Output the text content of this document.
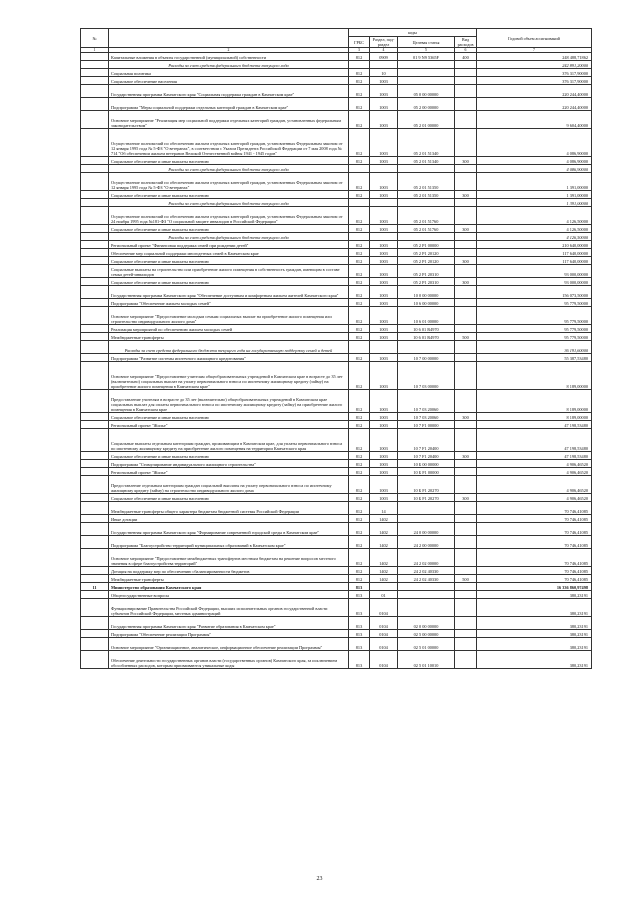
№		коды				Годовой объем ассигнований
		ГРБС	Раздел, под-раздел	Целевая статья	Вид расходов	
1	2	3	4	5	6	7
	Капитальные вложения в объекты государственной (муниципальной) собственности	812	0909	01 9 N9 5365F	400	248 488,71862
	Расходы за счет средств федерального бюджета текущего года					242 891,20000
	Социальная политика	812	10			376 317,90000
	Социальное обеспечение населения	812	1003			376 317,90000
	Государственная программа Камчатского края "Социальная поддержка граждан в Камчатском крае"	812	1003	05 0 00 00000		220 244,40000
	Подпрограмма "Меры социальной поддержки отдельных категорий граждан в Камчатском крае"	812	1003	05 2 00 00000		220 244,40000
	Основное мероприятие "Реализация мер социальной поддержки отдельных категорий граждан, установленных федеральным законодательством"	812	1003	05 2 01 00000		9 604,40000
	Осуществление полномочий по обеспечению жильем отдельных категорий граждан, установленных Федеральным законом от 12 января 1995 года № 5-ФЗ "О ветеранах", в соответствии с Указом Президента Российской Федерации от 7 мая 2008 года № 714 "Об обеспечении жильем ветеранов Великой Отечественной войны 1941 - 1945 годов"	812	1003	05 2 01 51340		4 086,90000
	Социальное обеспечение и иные выплаты населению	812	1003	05 2 01 51340	300	4 086,90000
	Расходы за счет средств федерального бюджета текущего года					4 086,90000
	Осуществление полномочий по обеспечению жильем отдельных категорий граждан, установленных Федеральным законом от 12 января 1995 года № 5-ФЗ "О ветеранах"	812	1003	05 2 01 51350		1 391,00000
	Социальное обеспечение и иные выплаты населению	812	1003	05 2 01 51350	300	1 391,00000
	Расходы за счет средств федерального бюджета текущего года					1 391,00000
	Осуществление полномочий по обеспечению жильем отдельных категорий граждан, установленных Федеральным законом от 24 ноября 1995 года №181-ФЗ "О социальной защите инвалидов в Российской Федерации"	812	1003	05 2 01 51760		4 126,50000
	Социальное обеспечение и иные выплаты населению	812	1003	05 2 01 51760	300	4 126,50000
	Расходы за счет средств федерального бюджета текущего года					4 126,50000
	Региональный проект "Финансовая поддержка семей при рождении детей"	812	1003	05 2 P1 00000		210 640,00000
	Обеспечение мер социальной поддержки многодетных семей в Камчатском крае	812	1003	05 2 P1 20120		117 640,00000
	Социальное обеспечение и иные выплаты населению	812	1003	05 2 P1 20120	300	117 640,00000
	Социальные выплаты на строительство или приобретение жилого помещения в собственность граждан, имеющим в составе семьи детей-инвалидов	812	1003	05 2 P1 20310		93 000,00000
	Социальное обеспечение и иные выплаты населению	812	1003	05 2 P1 20310	300	93 000,00000
	Государственная программа Камчатского края "Обеспечение доступным и комфортным жильем жителей Камчатского края"	812	1003	10 0 00 00000		156 073,50000
	Подпрограмма "Обеспечение жильем молодых семей"	812	1003	10 6 00 00000		95 779,50000
	Основное мероприятие "Предоставление молодым семьям социальных выплат на приобретение жилого помещения или строительство индивидуального жилого дома"	812	1003	10 6 01 00000		95 779,50000
	Реализация мероприятий по обеспечению жильем молодых семей	812	1003	10 6 01 R4970		95 779,50000
	Межбюджетные трансферты	812	1003	10 6 01 R4970	500	95 779,50000
	Расходы за счет средств федерального бюджета текущего года на государственную поддержку семей и детей					36 191,60000
	Подпрограмма "Развитие системы ипотечного жилищного кредитования"	812	1003	10 7 00 00000		55 387,53480
	Основное мероприятие "Предоставление учителям общеобразовательных учреждений в Камчатском крае в возрасте до 35 лет (включительно) социальных выплат на уплату первоначального взноса по ипотечному жилищному кредиту (займу) на приобретение жилого помещения в Камчатском крае"	812	1003	10 7 03 00000		8 189,00000
	Предоставление учителям в возрасте до 35 лет (включительно) общеобразовательных учреждений в Камчатском крае социальных выплат для оплаты первоначального взноса по ипотечному жилищному кредиту (займу) на приобретение жилого помещения в Камчатском крае	812	1003	10 7 03 20060		8 189,00000
	Социальное обеспечение и иные выплаты населению	812	1003	10 7 03 20060	300	8 189,00000
	Региональный проект "Жилье"	812	1003	10 7 F1 00000		47 198,53480
	Социальные выплаты отдельным категориям граждан, проживающим в Камчатском крае, для уплаты первоначального взноса по ипотечному жилищному кредиту на приобретение жилого помещения на территории Камчатского края	812	1003	10 7 F1 20400		47 198,53480
	Социальное обеспечение и иные выплаты населению	812	1003	10 7 F1 20400	300	47 198,53480
	Подпрограмма "Стимулирование индивидуального жилищного строительства"	812	1003	10 Б 00 00000		4 906,46520
	Региональный проект "Жилье"	812	1003	10 Б F1 00000		4 906,46520
	Предоставление отдельным категориям граждан социальной выплаты на уплату первоначального взноса по ипотечному жилищному кредиту (займу) на строительство индивидуального жилого дома	812	1003	10 Б F1 20270		4 906,46520
	Социальное обеспечение и иные выплаты населению	812	1003	10 Б F1 20270	300	4 906,46520
	Межбюджетные трансферты общего характера бюджетам бюджетной системы Российской Федерации	812	14			70 746,41085
	Иные дотации	812	1402			70 746,41085
	Государственная программа Камчатского края "Формирование современной городской среды в Камчатском крае"	812	1402	24 0 00 00000		70 746,41085
	Подпрограмма "Благоустройство территорий муниципальных образований в Камчатском крае"	812	1402	24 2 00 00000		70 746,41085
	Основное мероприятие "Предоставление межбюджетных трансфертов местным бюджетам на решение вопросов местного значения в сфере благоустройства территорий"	812	1402	24 2 02 00000		70 746,41085
	Дотация на поддержку мер по обеспечению сбалансированности бюджетов	812	1402	24 2 02 40330		70 746,41085
	Межбюджетные трансферты	812	1402	24 2 02 40330	500	70 746,41085
11	Министерство образования Камчатского края	813				16 336 860,97498
	Общегосударственные вопросы	813	01			380,23191
	Функционирование Правительства Российской Федерации, высших исполнительных органов государственной власти субъектов Российской Федерации, местных администраций	813	0104			380,23191
	Государственная программа Камчатского края "Развитие образования в Камчатском крае"	813	0104	02 0 00 00000		380,23191
	Подпрограмма "Обеспечение реализации Программы"	813	0104	02 5 00 00000		380,23191
	Основное мероприятие "Организационное, аналитическое, информационное обеспечение реализации Программы"	813	0104	02 5 01 00000		380,23191
	Обеспечение деятельности государственных органов власти (государственных органов) Камчатского края, за исключением обособленных расходов, которым присваиваются уникальные коды	813	0104	02 5 01 10010		380,23191
23
